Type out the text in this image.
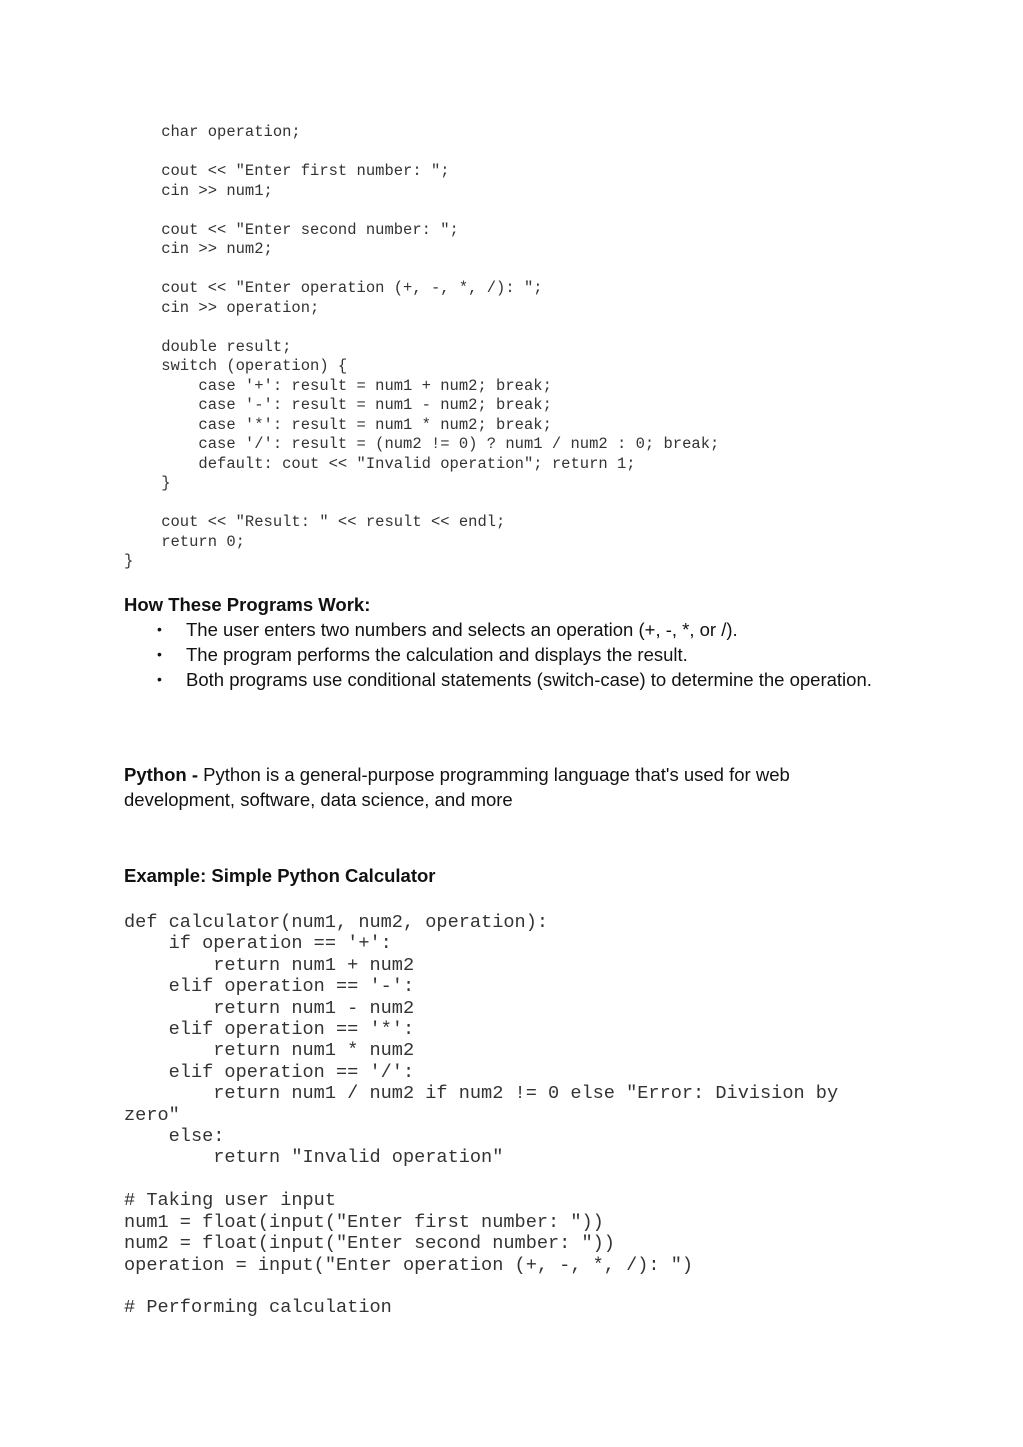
char operation;

cout << "Enter first number: ";
cin >> num1;

cout << "Enter second number: ";
cin >> num2;

cout << "Enter operation (+, -, *, /): ";
cin >> operation;

double result;
switch (operation) {
case '+': result = num1 + num2; break;
case '-': result = num1 - num2; break;
case '*': result = num1 * num2; break;
case '/': result = (num2 != 0) ? num1 / num2 : 0; break;
default: cout << "Invalid operation"; return 1;
}

cout << "Result: " << result << endl;
return 0;
}

How These Programs Work:

• The user enters two numbers and selects an operation (+, -, *, or /).
• The program performs the calculation and displays the result.
• Both programs use conditional statements (switch-case) to determine the operation.

Python - Python is a general-purpose programming language that's used for web development, software, data science, and more

Example: Simple Python Calculator

def calculator(num1, num2, operation):
if operation == '+':
return num1 + num2
elif operation == '-':
return num1 - num2
elif operation == '*':
return num1 * num2
elif operation == '/':
return num1 / num2 if num2 != 0 else "Error: Division by
zero"
else:
return "Invalid operation"

# Taking user input
num1 = float(input("Enter first number: "))
num2 = float(input("Enter second number: "))
operation = input("Enter operation (+, -, *, /): ")

# Performing calculation
